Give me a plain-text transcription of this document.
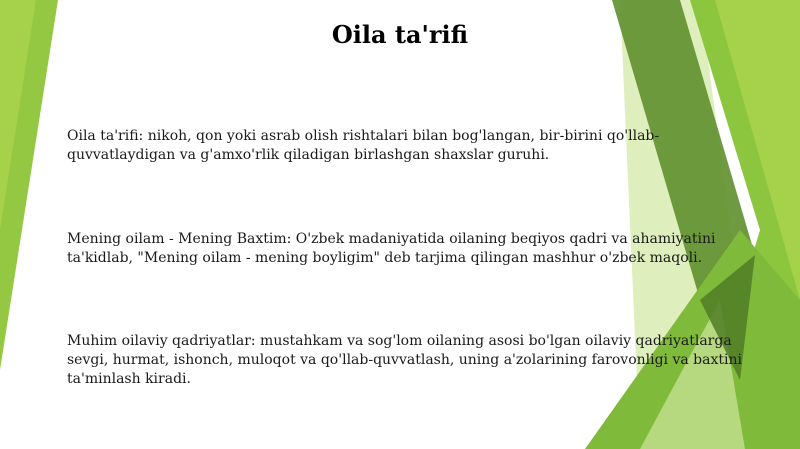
Oila ta'rifi

Oila ta'rifi: nikoh, qon yoki asrab olish rishtalari bilan bog'langan, bir-birini qo'llab-quvvatlaydigan va g'amxo'rlik qiladigan birlashgan shaxslar guruhi.

Mening oilam - Mening Baxtim: O'zbek madaniyatida oilaning beqiyos qadri va ahamiyatini ta'kidlab, "Mening oilam - mening boyligim" deb tarjima qilingan mashhur o'zbek maqoli.

Muhim oilaviy qadriyatlar: mustahkam va sog'lom oilaning asosi bo'lgan oilaviy qadriyatlarga sevgi, hurmat, ishonch, muloqot va qo'llab-quvvatlash, uning a'zolarining farovonligi va baxtini ta'minlash kiradi.
